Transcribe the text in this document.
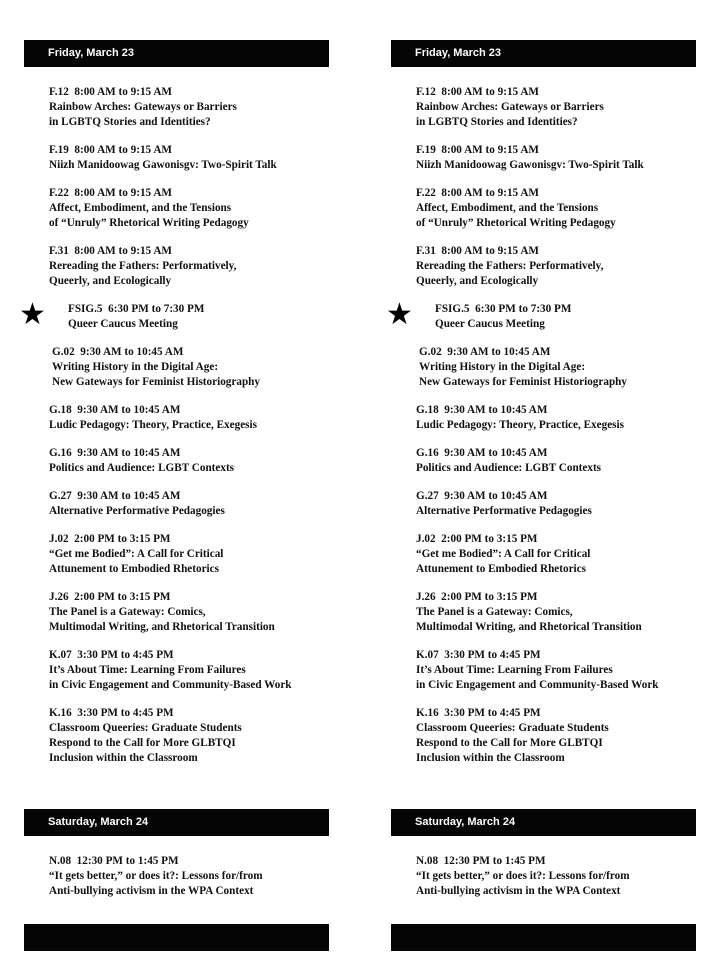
Friday, March 23
F.12 8:00 AM to 9:15 AM
Rainbow Arches: Gateways or Barriers
in LGBTQ Stories and Identities?
F.19 8:00 AM to 9:15 AM
Niizh Manidoowag Gawonisgv: Two-Spirit Talk
F.22 8:00 AM to 9:15 AM
Affect, Embodiment, and the Tensions
of “Unruly” Rhetorical Writing Pedagogy
F.31 8:00 AM to 9:15 AM
Rereading the Fathers: Performatively,
Queerly, and Ecologically
★ FSIG.5 6:30 PM to 7:30 PM
Queer Caucus Meeting
G.02 9:30 AM to 10:45 AM
Writing History in the Digital Age:
New Gateways for Feminist Historiography
G.18 9:30 AM to 10:45 AM
Ludic Pedagogy: Theory, Practice, Exegesis
G.16 9:30 AM to 10:45 AM
Politics and Audience: LGBT Contexts
G.27 9:30 AM to 10:45 AM
Alternative Performative Pedagogies
J.02 2:00 PM to 3:15 PM
“Get me Bodied”: A Call for Critical
Attunement to Embodied Rhetorics
J.26 2:00 PM to 3:15 PM
The Panel is a Gateway: Comics,
Multimodal Writing, and Rhetorical Transition
K.07 3:30 PM to 4:45 PM
It’s About Time: Learning From Failures
in Civic Engagement and Community-Based Work
K.16 3:30 PM to 4:45 PM
Classroom Queeries: Graduate Students
Respond to the Call for More GLBTQI
Inclusion within the Classroom
Saturday, March 24
N.08 12:30 PM to 1:45 PM
“It gets better,” or does it?: Lessons for/from
Anti-bullying activism in the WPA Context
Friday, March 23
F.12 8:00 AM to 9:15 AM
Rainbow Arches: Gateways or Barriers
in LGBTQ Stories and Identities?
F.19 8:00 AM to 9:15 AM
Niizh Manidoowag Gawonisgv: Two-Spirit Talk
F.22 8:00 AM to 9:15 AM
Affect, Embodiment, and the Tensions
of “Unruly” Rhetorical Writing Pedagogy
F.31 8:00 AM to 9:15 AM
Rereading the Fathers: Performatively,
Queerly, and Ecologically
★ FSIG.5 6:30 PM to 7:30 PM
Queer Caucus Meeting
G.02 9:30 AM to 10:45 AM
Writing History in the Digital Age:
New Gateways for Feminist Historiography
G.18 9:30 AM to 10:45 AM
Ludic Pedagogy: Theory, Practice, Exegesis
G.16 9:30 AM to 10:45 AM
Politics and Audience: LGBT Contexts
G.27 9:30 AM to 10:45 AM
Alternative Performative Pedagogies
J.02 2:00 PM to 3:15 PM
“Get me Bodied”: A Call for Critical
Attunement to Embodied Rhetorics
J.26 2:00 PM to 3:15 PM
The Panel is a Gateway: Comics,
Multimodal Writing, and Rhetorical Transition
K.07 3:30 PM to 4:45 PM
It’s About Time: Learning From Failures
in Civic Engagement and Community-Based Work
K.16 3:30 PM to 4:45 PM
Classroom Queeries: Graduate Students
Respond to the Call for More GLBTQI
Inclusion within the Classroom
Saturday, March 24
N.08 12:30 PM to 1:45 PM
“It gets better,” or does it?: Lessons for/from
Anti-bullying activism in the WPA Context
